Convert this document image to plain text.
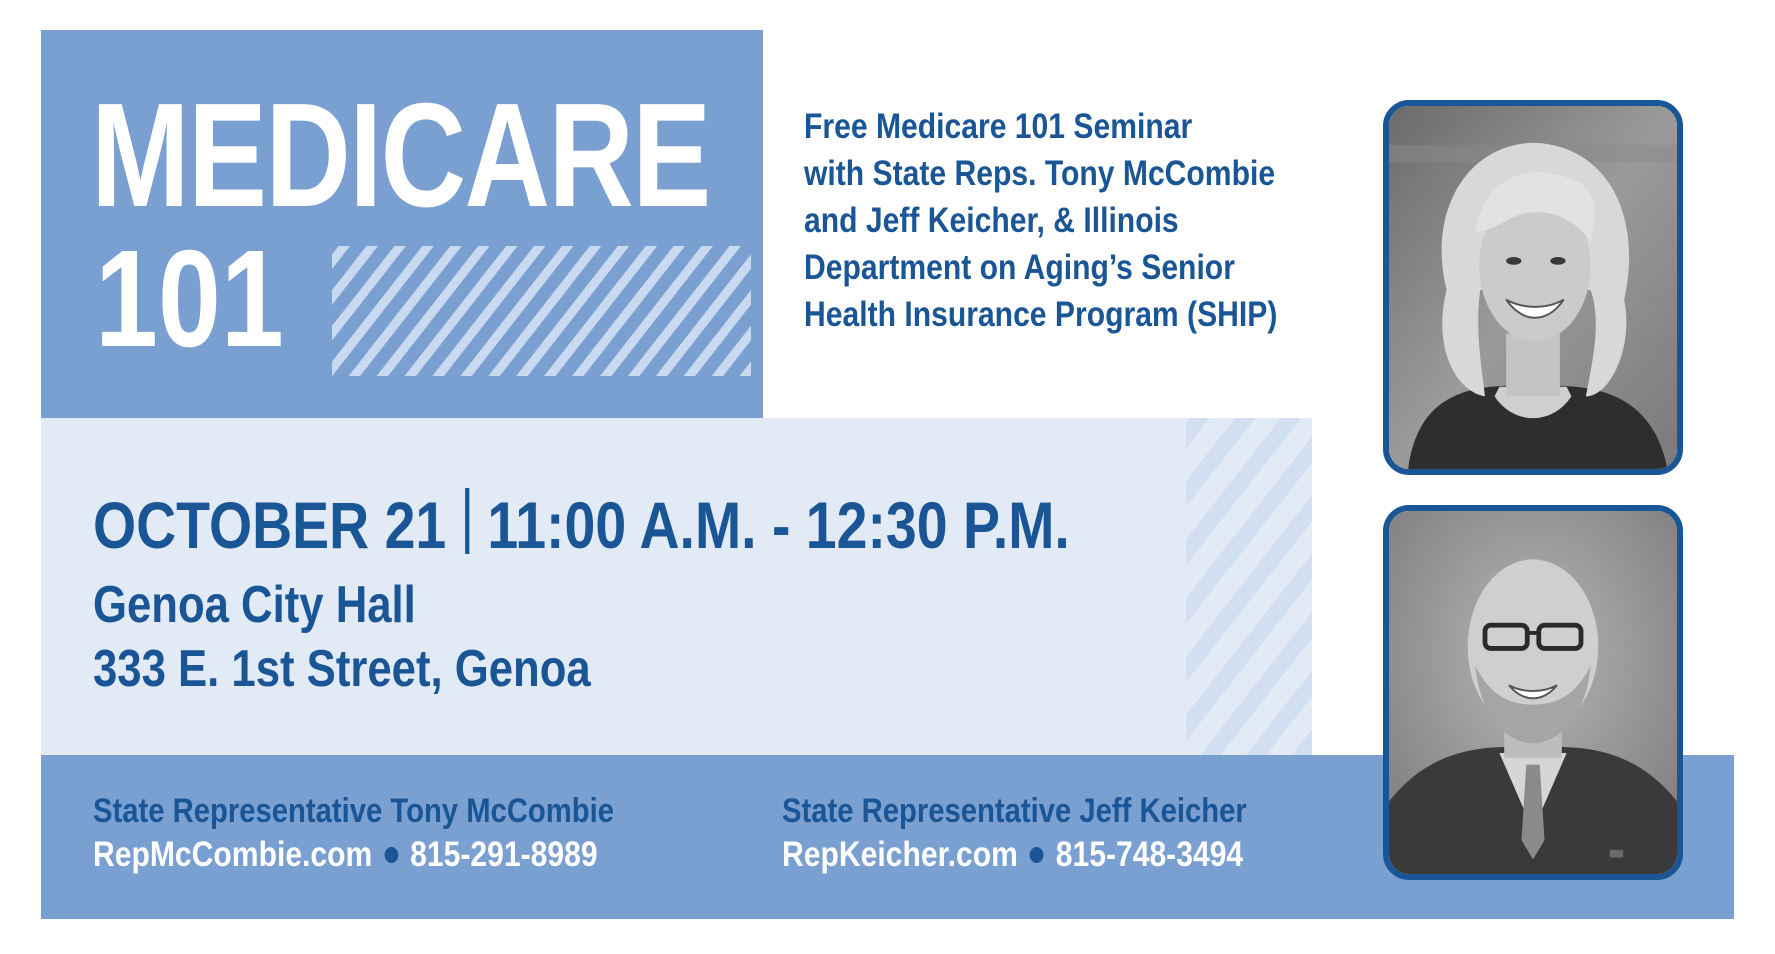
MEDICARE
101
Free Medicare 101 Seminar
with State Reps. Tony McCombie
and Jeff Keicher, & Illinois
Department on Aging’s Senior
Health Insurance Program (SHIP)
OCTOBER 21 11:00 A.M. - 12:30 P.M.
Genoa City Hall
333 E. 1st Street, Genoa
State Representative Tony McCombie
RepMcCombie.com 815-291-8989
State Representative Jeff Keicher
RepKeicher.com 815-748-3494
